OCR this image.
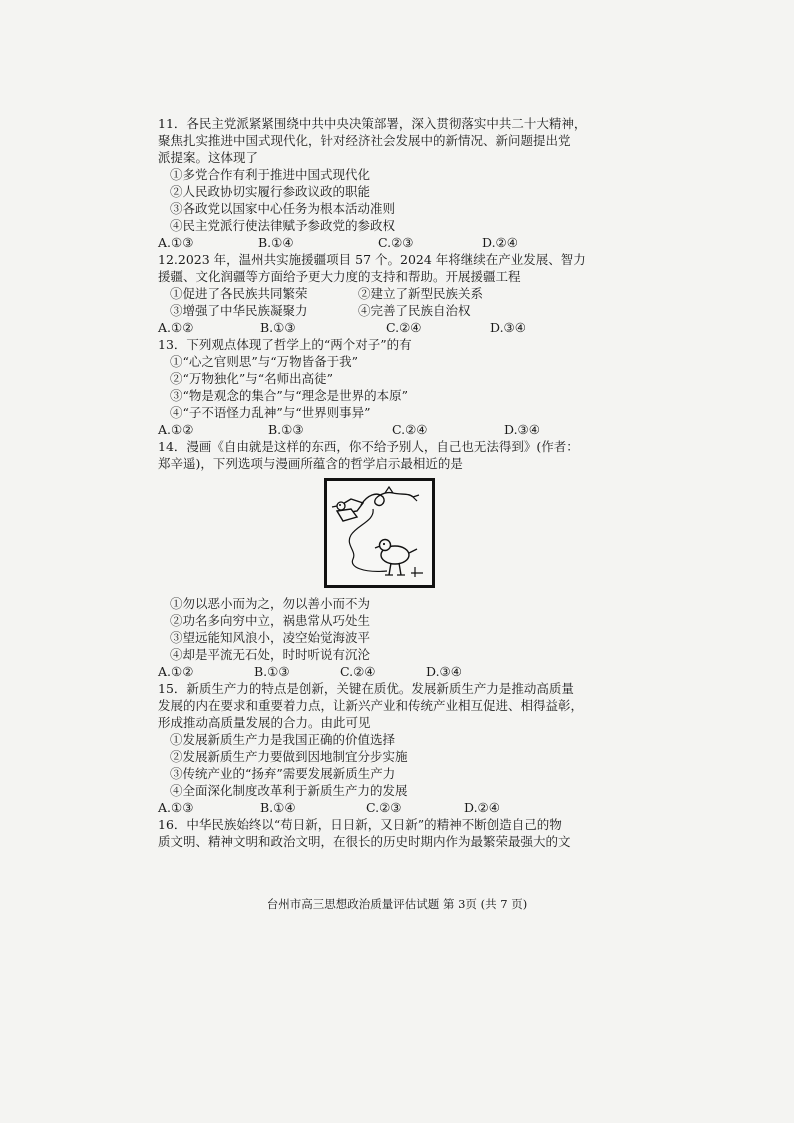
11．各民主党派紧紧围绕中共中央决策部署，深入贯彻落实中共二十大精神，
聚焦扎实推进中国式现代化，针对经济社会发展中的新情况、新问题提出党
派提案。这体现了
①多党合作有利于推进中国式现代化
②人民政协切实履行参政议政的职能
③各政党以国家中心任务为根本活动准则
④民主党派行使法律赋予参政党的参政权
A.①③	B.①④	C.②③	D.②④
12.2023 年，温州共实施援疆项目 57 个。2024 年将继续在产业发展、智力
援疆、文化润疆等方面给予更大力度的支持和帮助。开展援疆工程
①促进了各民族共同繁荣	②建立了新型民族关系
③增强了中华民族凝聚力	④完善了民族自治权
A.①②	B.①③	C.②④	D.③④
13．下列观点体现了哲学上的“两个对子”的有
①“心之官则思”与“万物皆备于我”
②“万物独化”与“名师出高徒”
③“物是观念的集合”与“理念是世界的本原”
④“子不语怪力乱神”与“世界则事异”
A.①②	B.①③	C.②④	D.③④
14．漫画《自由就是这样的东西，你不给予别人，自己也无法得到》(作者：
郑辛遥)，下列选项与漫画所蕴含的哲学启示最相近的是
①勿以恶小而为之，勿以善小而不为
②功名多向穷中立，祸患常从巧处生
③望远能知风浪小，凌空始觉海波平
④却是平流无石处，时时听说有沉沦
A.①②	B.①③	C.②④	D.③④
15．新质生产力的特点是创新，关键在质优。发展新质生产力是推动高质量
发展的内在要求和重要着力点，让新兴产业和传统产业相互促进、相得益彰，
形成推动高质量发展的合力。由此可见
①发展新质生产力是我国正确的价值选择
②发展新质生产力要做到因地制宜分步实施
③传统产业的“扬弃”需要发展新质生产力
④全面深化制度改革利于新质生产力的发展
A.①③	B.①④	C.②③	D.②④
16．中华民族始终以“苟日新，日日新，又日新”的精神不断创造自己的物
质文明、精神文明和政治文明，在很长的历史时期内作为最繁荣最强大的文
台州市高三思想政治质量评估试题 第 3页 (共 7 页)
